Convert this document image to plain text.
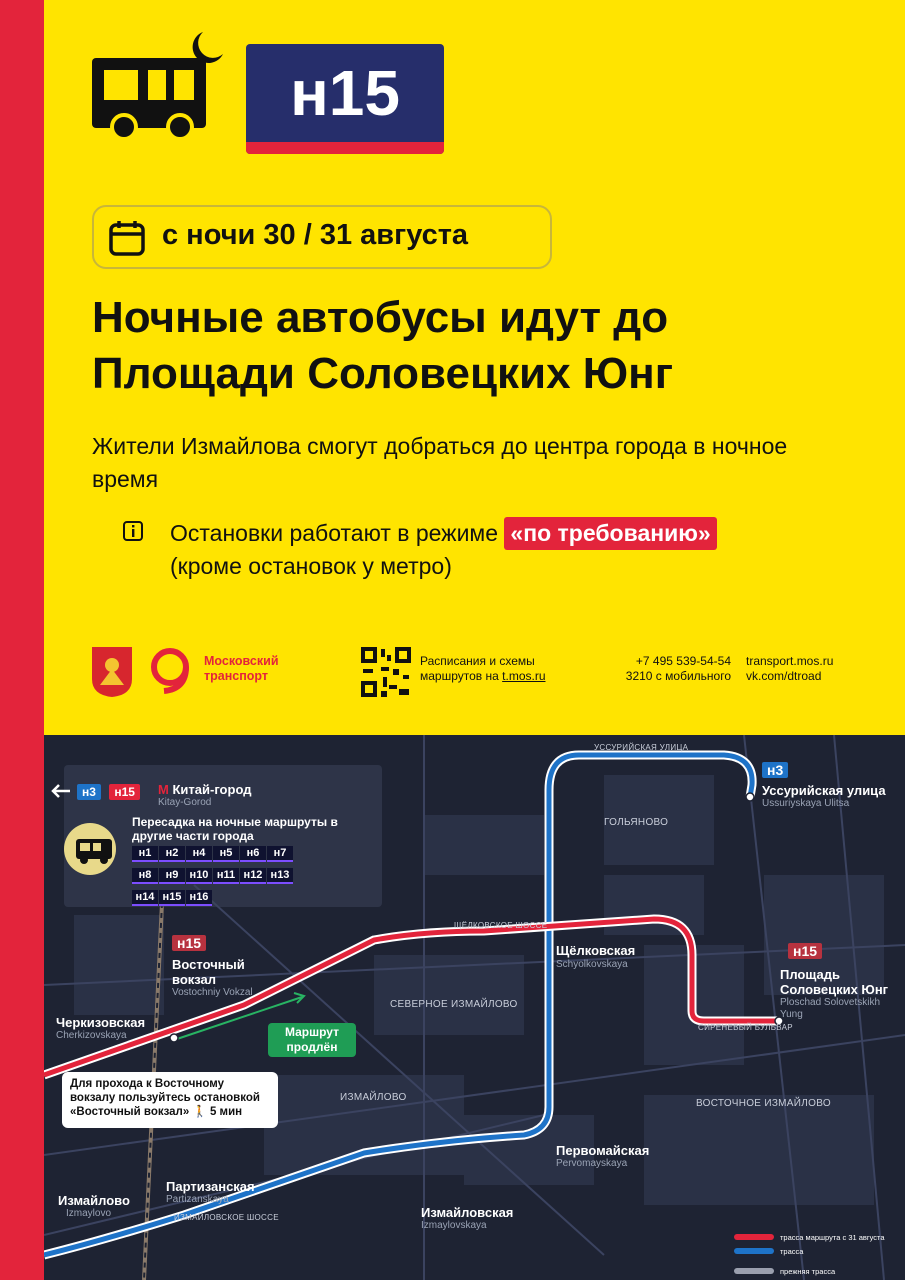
н15
с ночи 30 / 31 августа
Ночные автобусы идут до Площади Соловецких Юнг
Жители Измайлова смогут добраться до центра города в ночное время
Остановки работают в режиме «по требованию»
(кроме остановок у метро)
Московский транспорт
Расписания и схемы маршрутов на t.mos.ru
+7 495 539-54-54
3210 с мобильного
transport.mos.ru
vk.com/dtroad
н3 н15	M Китай-город
Kitay-Gorod
Пересадка на ночные маршруты в другие части города
н1 н2 н4 н5 н6 н7
н8 н9 н10 н11 н12 н13
н14 н15 н16
н3
Уссурийская улица
Ussuriyskaya Ulitsa
Щёлковская
Schyolkovskaya
н15
Восточный вокзал
Vostochniy Vokzal
Черкизовская
Cherkizovskaya
н15
Площадь Соловецких Юнг
Ploschad Solovetskikh Yung
Первомайская
Pervomayskaya
Партизанская
Partizanskaya
Измайлово
Izmaylovo	Измайловская
Izmaylovskaya
ГОЛЬЯНОВО
СЕВЕРНОЕ ИЗМАЙЛОВО
ИЗМАЙЛОВО
ВОСТОЧНОЕ ИЗМАЙЛОВО
УССУРИЙСКАЯ УЛИЦА
ЩЁЛКОВСКОЕ ШОССЕ
СИРЕНЕВЫЙ БУЛЬВАР
ИЗМАЙЛОВСКОЕ ШОССЕ
Маршрут продлён
Для прохода к Восточному вокзалу пользуйтесь остановкой «Восточный вокзал» 🚶 5 мин
трасса маршрута с 31 августа
трасса
прежняя трасса
